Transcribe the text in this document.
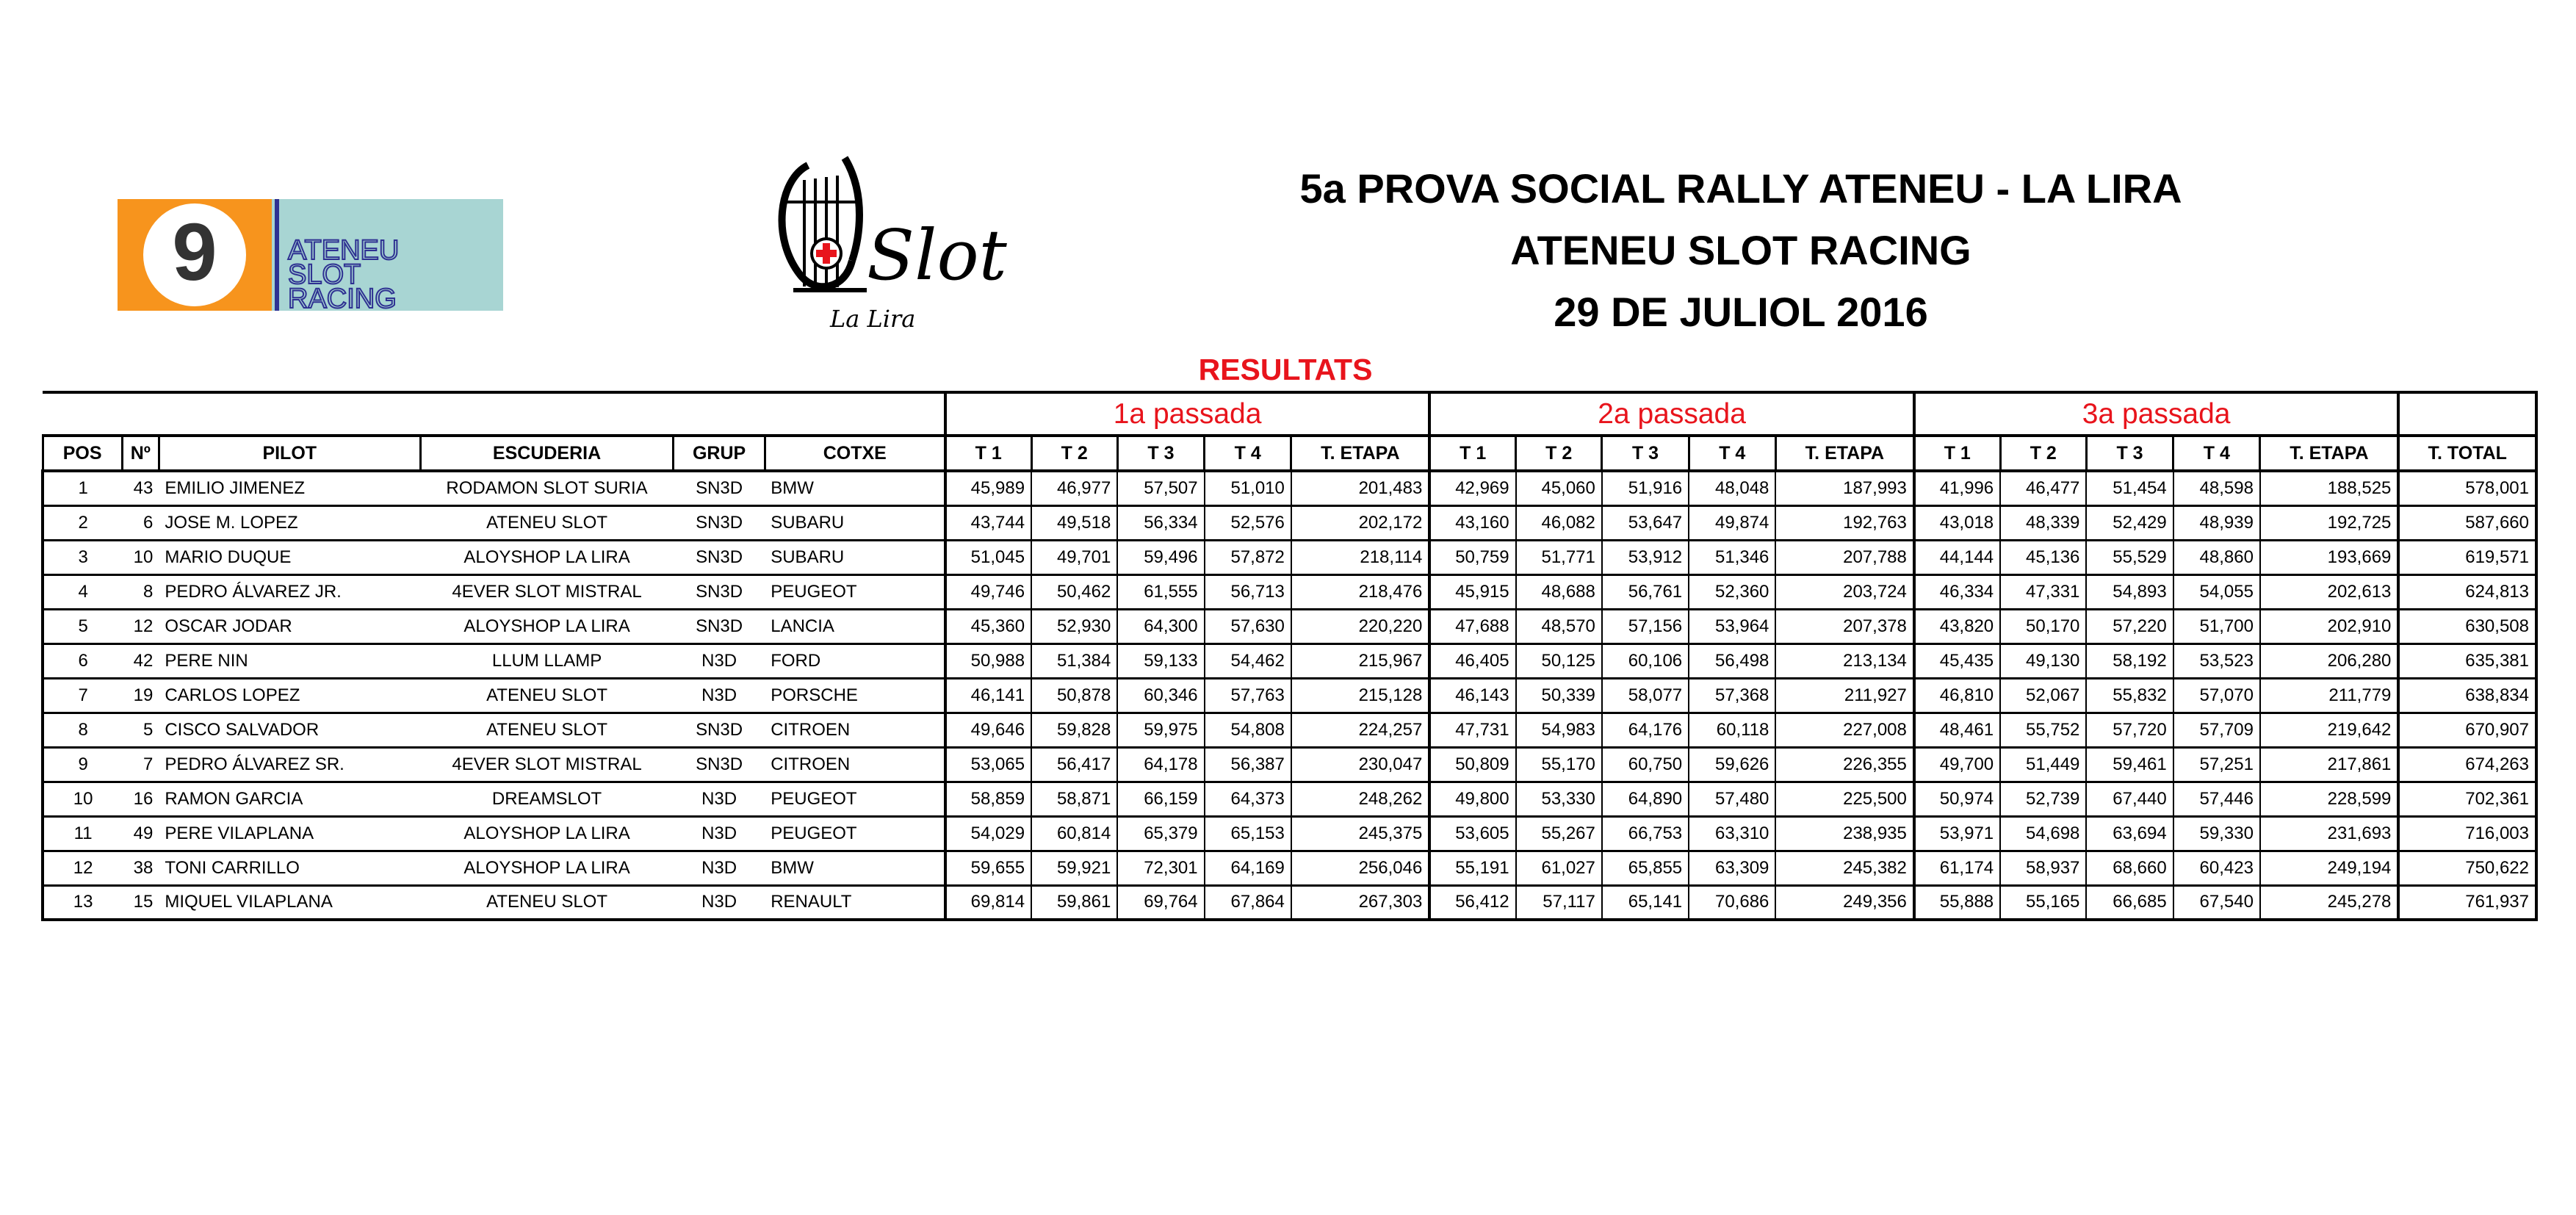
9	ATENEU
SLOT
RACING
Slot
La Lira
5a PROVA SOCIAL RALLY ATENEU - LA LIRA
ATENEU SLOT RACING
29 DE JULIOL 2016
RESULTATS
						1a passada					2a passada					3a passada					
POS	Nº	PILOT	ESCUDERIA	GRUP	COTXE	T 1	T 2	T 3	T 4	T. ETAPA	T 1	T 2	T 3	T 4	T. ETAPA	T 1	T 2	T 3	T 4	T. ETAPA	T. TOTAL
1	43	EMILIO JIMENEZ	RODAMON SLOT SURIA	SN3D	BMW	45,989	46,977	57,507	51,010	201,483	42,969	45,060	51,916	48,048	187,993	41,996	46,477	51,454	48,598	188,525	578,001
2	6	JOSE M. LOPEZ	ATENEU SLOT	SN3D	SUBARU	43,744	49,518	56,334	52,576	202,172	43,160	46,082	53,647	49,874	192,763	43,018	48,339	52,429	48,939	192,725	587,660
3	10	MARIO DUQUE	ALOYSHOP LA LIRA	SN3D	SUBARU	51,045	49,701	59,496	57,872	218,114	50,759	51,771	53,912	51,346	207,788	44,144	45,136	55,529	48,860	193,669	619,571
4	8	PEDRO ÁLVAREZ JR.	4EVER SLOT MISTRAL	SN3D	PEUGEOT	49,746	50,462	61,555	56,713	218,476	45,915	48,688	56,761	52,360	203,724	46,334	47,331	54,893	54,055	202,613	624,813
5	12	OSCAR JODAR	ALOYSHOP LA LIRA	SN3D	LANCIA	45,360	52,930	64,300	57,630	220,220	47,688	48,570	57,156	53,964	207,378	43,820	50,170	57,220	51,700	202,910	630,508
6	42	PERE NIN	LLUM LLAMP	N3D	FORD	50,988	51,384	59,133	54,462	215,967	46,405	50,125	60,106	56,498	213,134	45,435	49,130	58,192	53,523	206,280	635,381
7	19	CARLOS LOPEZ	ATENEU SLOT	N3D	PORSCHE	46,141	50,878	60,346	57,763	215,128	46,143	50,339	58,077	57,368	211,927	46,810	52,067	55,832	57,070	211,779	638,834
8	5	CISCO SALVADOR	ATENEU SLOT	SN3D	CITROEN	49,646	59,828	59,975	54,808	224,257	47,731	54,983	64,176	60,118	227,008	48,461	55,752	57,720	57,709	219,642	670,907
9	7	PEDRO ÁLVAREZ SR.	4EVER SLOT MISTRAL	SN3D	CITROEN	53,065	56,417	64,178	56,387	230,047	50,809	55,170	60,750	59,626	226,355	49,700	51,449	59,461	57,251	217,861	674,263
10	16	RAMON GARCIA	DREAMSLOT	N3D	PEUGEOT	58,859	58,871	66,159	64,373	248,262	49,800	53,330	64,890	57,480	225,500	50,974	52,739	67,440	57,446	228,599	702,361
11	49	PERE VILAPLANA	ALOYSHOP LA LIRA	N3D	PEUGEOT	54,029	60,814	65,379	65,153	245,375	53,605	55,267	66,753	63,310	238,935	53,971	54,698	63,694	59,330	231,693	716,003
12	38	TONI CARRILLO	ALOYSHOP LA LIRA	N3D	BMW	59,655	59,921	72,301	64,169	256,046	55,191	61,027	65,855	63,309	245,382	61,174	58,937	68,660	60,423	249,194	750,622
13	15	MIQUEL VILAPLANA	ATENEU SLOT	N3D	RENAULT	69,814	59,861	69,764	67,864	267,303	56,412	57,117	65,141	70,686	249,356	55,888	55,165	66,685	67,540	245,278	761,937
